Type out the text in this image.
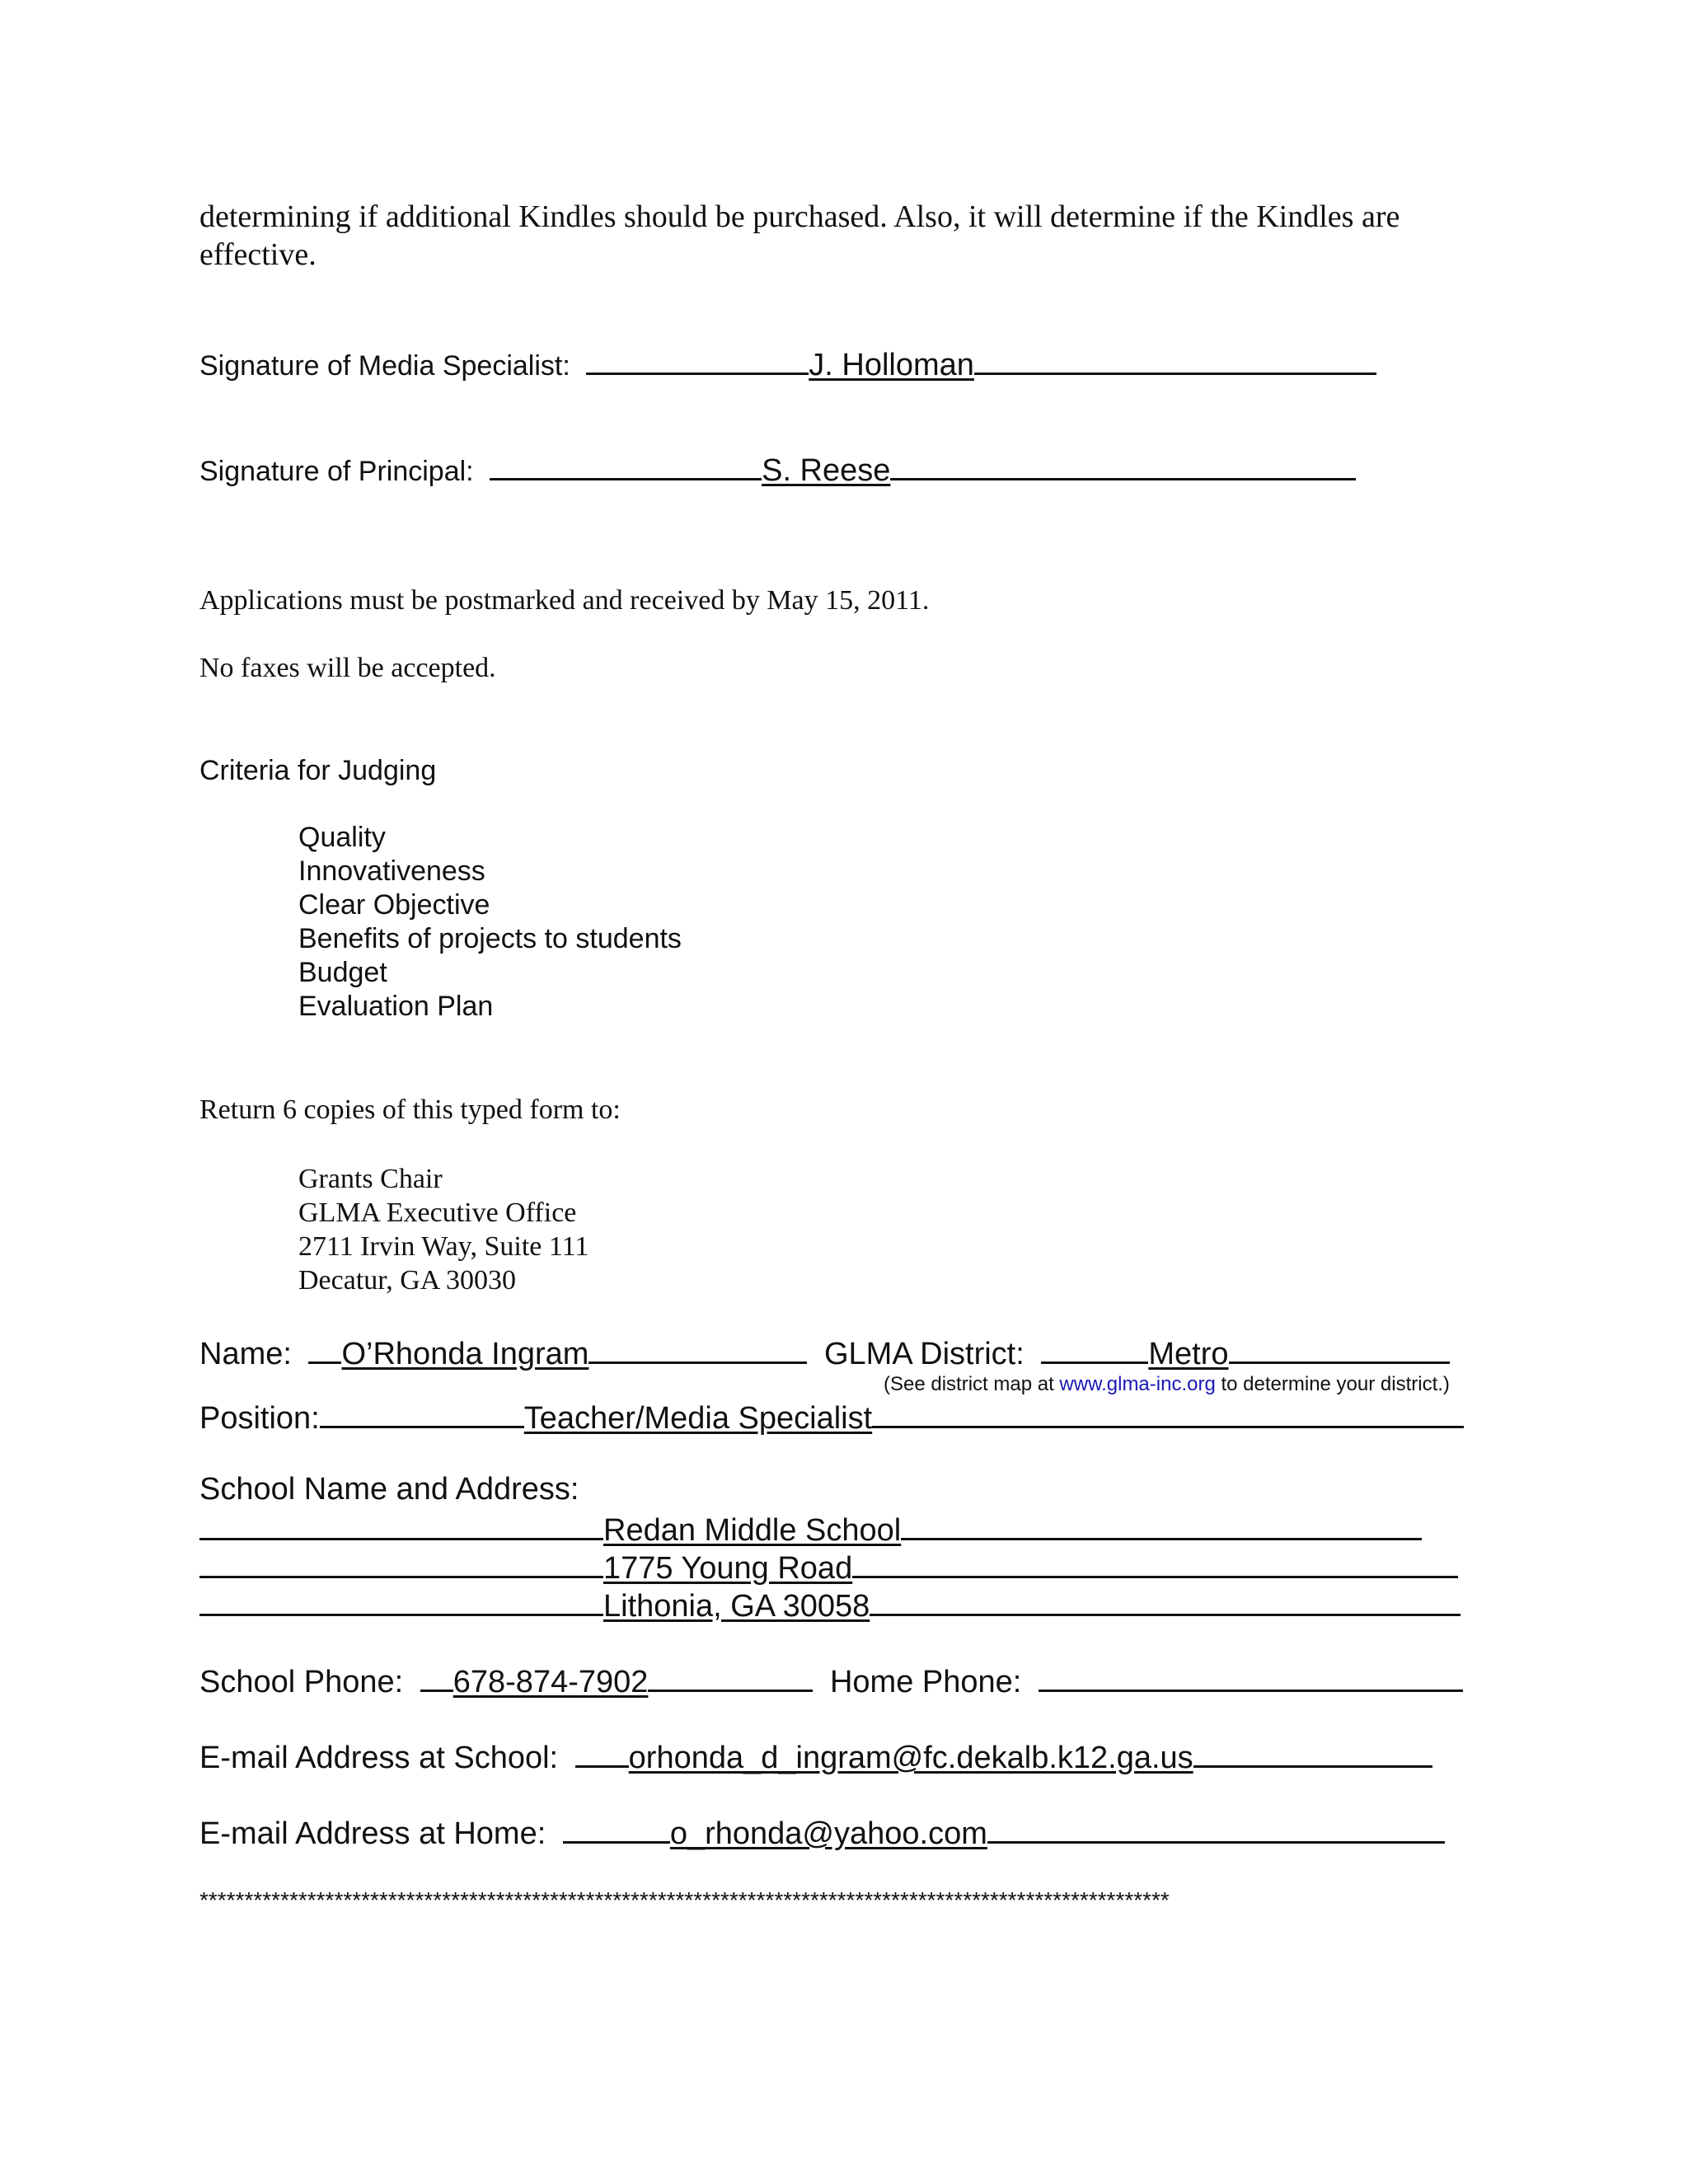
determining if additional Kindles should be purchased. Also, it will determine if the Kindles are
effective.
Signature of Media Specialist:	J. Holloman
Signature of Principal:	S. Reese
Applications must be postmarked and received by May 15, 2011.
No faxes will be accepted.
Criteria for Judging
Quality
Innovativeness
Clear Objective
Benefits of projects to students
Budget
Evaluation Plan
Return 6 copies of this typed form to:
Grants Chair
GLMA Executive Office
2711 Irvin Way, Suite 111
Decatur, GA 30030
Name: O’Rhonda Ingram	GLMA District:	Metro
(See district map at www.glma-inc.org to determine your district.)
Position:	Teacher/Media Specialist
School Name and Address:
Redan Middle School
1775 Young Road
Lithonia, GA 30058
School Phone: 678-874-7902	Home Phone:
E-mail Address at School: orhonda_d_ingram@fc.dekalb.k12.ga.us
E-mail Address at Home:	o_rhonda@yahoo.com
************************************************************************************************************
